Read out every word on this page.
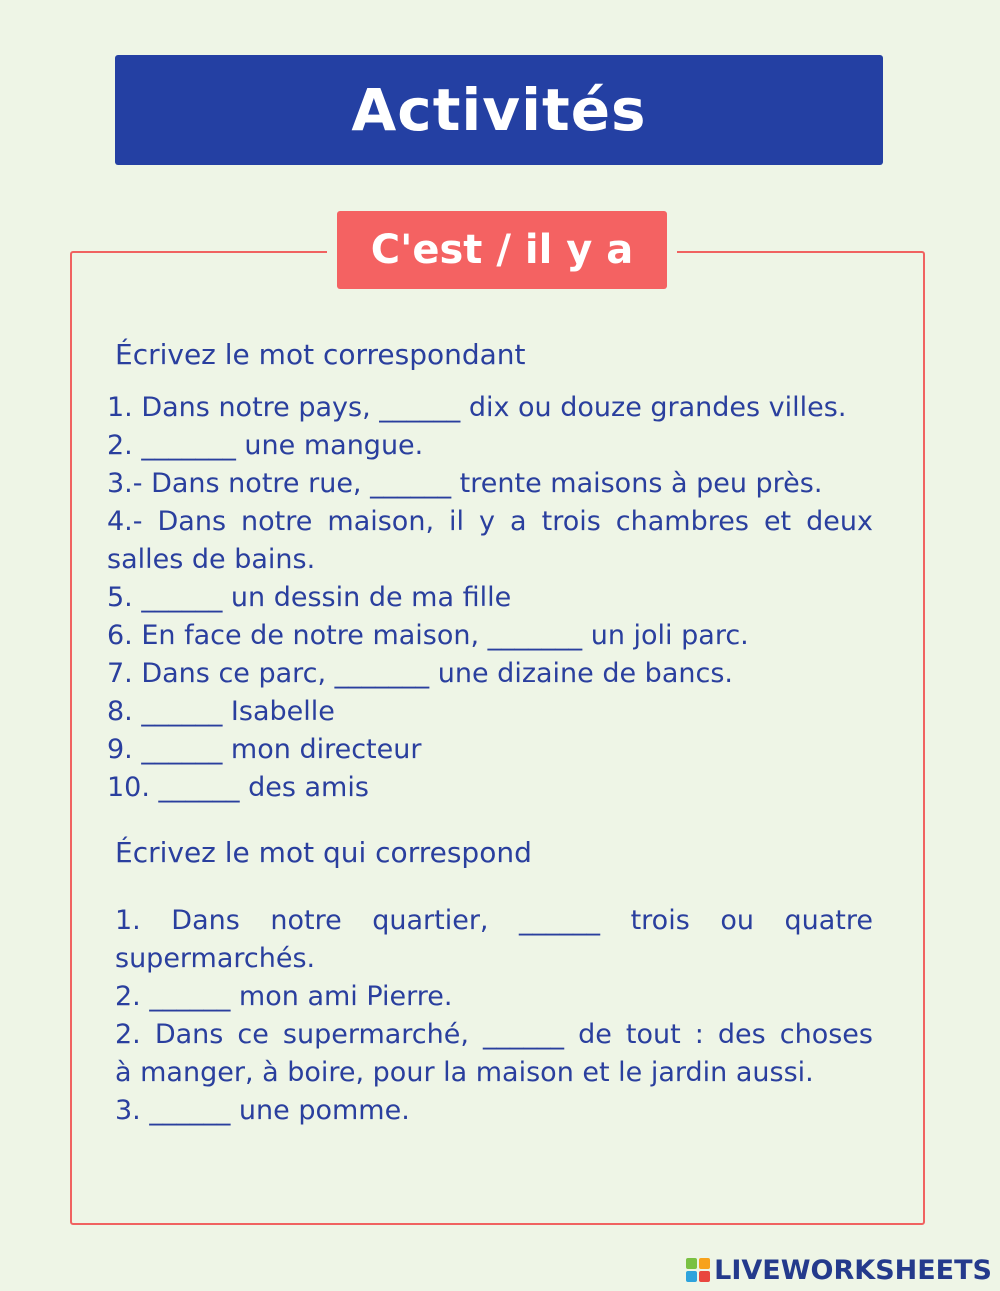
Activités
C'est / il y a
Écrivez le mot correspondant
1. Dans notre pays, ______ dix ou douze grandes villes.
2. _______ une mangue.
3.- Dans notre rue, ______ trente maisons à peu près.
4.- Dans notre maison, il y a trois chambres et deux
salles de bains.
5. ______ un dessin de ma fille
6. En face de notre maison, _______ un joli parc.
7. Dans ce parc, _______ une dizaine de bancs.
8. ______ Isabelle
9. ______ mon directeur
10. ______ des amis
Écrivez le mot qui correspond
1. Dans notre quartier, ______ trois ou quatre
supermarchés.
2. ______ mon ami Pierre.
2. Dans ce supermarché, ______ de tout : des choses
à manger, à boire, pour la maison et le jardin aussi.
3. ______ une pomme.
LIVEWORKSHEETS
